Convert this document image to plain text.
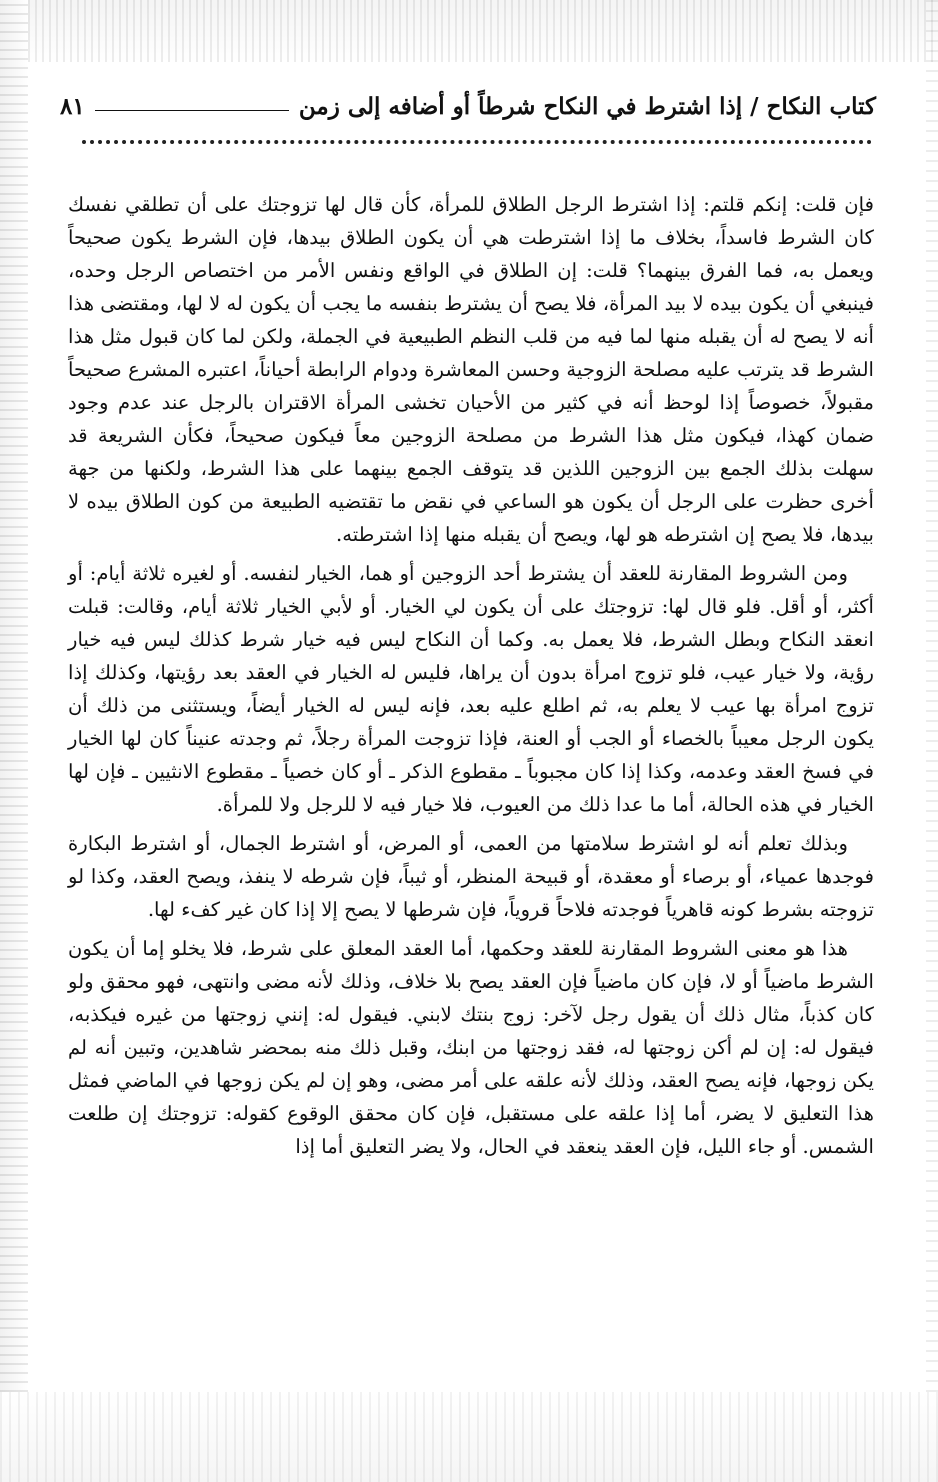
كتاب النكاح / إذا اشترط في النكاح شرطاً أو أضافه إلى زمن
٨١

فإن قلت: إنكم قلتم: إذا اشترط الرجل الطلاق للمرأة، كأن قال لها تزوجتك على أن تطلقي نفسك كان الشرط فاسداً، بخلاف ما إذا اشترطت هي أن يكون الطلاق بيدها، فإن الشرط يكون صحيحاً ويعمل به، فما الفرق بينهما؟ قلت: إن الطلاق في الواقع ونفس الأمر من اختصاص الرجل وحده، فينبغي أن يكون بيده لا بيد المرأة، فلا يصح أن يشترط بنفسه ما يجب أن يكون له لا لها، ومقتضى هذا أنه لا يصح له أن يقبله منها لما فيه من قلب النظم الطبيعية في الجملة، ولكن لما كان قبول مثل هذا الشرط قد يترتب عليه مصلحة الزوجية وحسن المعاشرة ودوام الرابطة أحياناً، اعتبره المشرع صحيحاً مقبولاً، خصوصاً إذا لوحظ أنه في كثير من الأحيان تخشى المرأة الاقتران بالرجل عند عدم وجود ضمان كهذا، فيكون مثل هذا الشرط من مصلحة الزوجين معاً فيكون صحيحاً، فكأن الشريعة قد سهلت بذلك الجمع بين الزوجين اللذين قد يتوقف الجمع بينهما على هذا الشرط، ولكنها من جهة أخرى حظرت على الرجل أن يكون هو الساعي في نقض ما تقتضيه الطبيعة من كون الطلاق بيده لا بيدها، فلا يصح إن اشترطه هو لها، ويصح أن يقبله منها إذا اشترطته.

ومن الشروط المقارنة للعقد أن يشترط أحد الزوجين أو هما، الخيار لنفسه. أو لغيره ثلاثة أيام: أو أكثر، أو أقل. فلو قال لها: تزوجتك على أن يكون لي الخيار. أو لأبي الخيار ثلاثة أيام، وقالت: قبلت انعقد النكاح وبطل الشرط، فلا يعمل به. وكما أن النكاح ليس فيه خيار شرط كذلك ليس فيه خيار رؤية، ولا خيار عيب، فلو تزوج امرأة بدون أن يراها، فليس له الخيار في العقد بعد رؤيتها، وكذلك إذا تزوج امرأة بها عيب لا يعلم به، ثم اطلع عليه بعد، فإنه ليس له الخيار أيضاً، ويستثنى من ذلك أن يكون الرجل معيباً بالخصاء أو الجب أو العنة، فإذا تزوجت المرأة رجلاً، ثم وجدته عنيناً كان لها الخيار في فسخ العقد وعدمه، وكذا إذا كان مجبوباً ـ مقطوع الذكر ـ أو كان خصياً ـ مقطوع الانثيين ـ فإن لها الخيار في هذه الحالة، أما ما عدا ذلك من العيوب، فلا خيار فيه لا للرجل ولا للمرأة.

وبذلك تعلم أنه لو اشترط سلامتها من العمى، أو المرض، أو اشترط الجمال، أو اشترط البكارة فوجدها عمياء، أو برصاء أو معقدة، أو قبيحة المنظر، أو ثيباً، فإن شرطه لا ينفذ، ويصح العقد، وكذا لو تزوجته بشرط كونه قاهرياً فوجدته فلاحاً قروياً، فإن شرطها لا يصح إلا إذا كان غير كفء لها.

هذا هو معنى الشروط المقارنة للعقد وحكمها، أما العقد المعلق على شرط، فلا يخلو إما أن يكون الشرط ماضياً أو لا، فإن كان ماضياً فإن العقد يصح بلا خلاف، وذلك لأنه مضى وانتهى، فهو محقق ولو كان كذباً، مثال ذلك أن يقول رجل لآخر: زوج بنتك لابني. فيقول له: إنني زوجتها من غيره فيكذبه، فيقول له: إن لم أكن زوجتها له، فقد زوجتها من ابنك، وقبل ذلك منه بمحضر شاهدين، وتبين أنه لم يكن زوجها، فإنه يصح العقد، وذلك لأنه علقه على أمر مضى، وهو إن لم يكن زوجها في الماضي فمثل هذا التعليق لا يضر، أما إذا علقه على مستقبل، فإن كان محقق الوقوع كقوله: تزوجتك إن طلعت الشمس. أو جاء الليل، فإن العقد ينعقد في الحال، ولا يضر التعليق أما إذا
